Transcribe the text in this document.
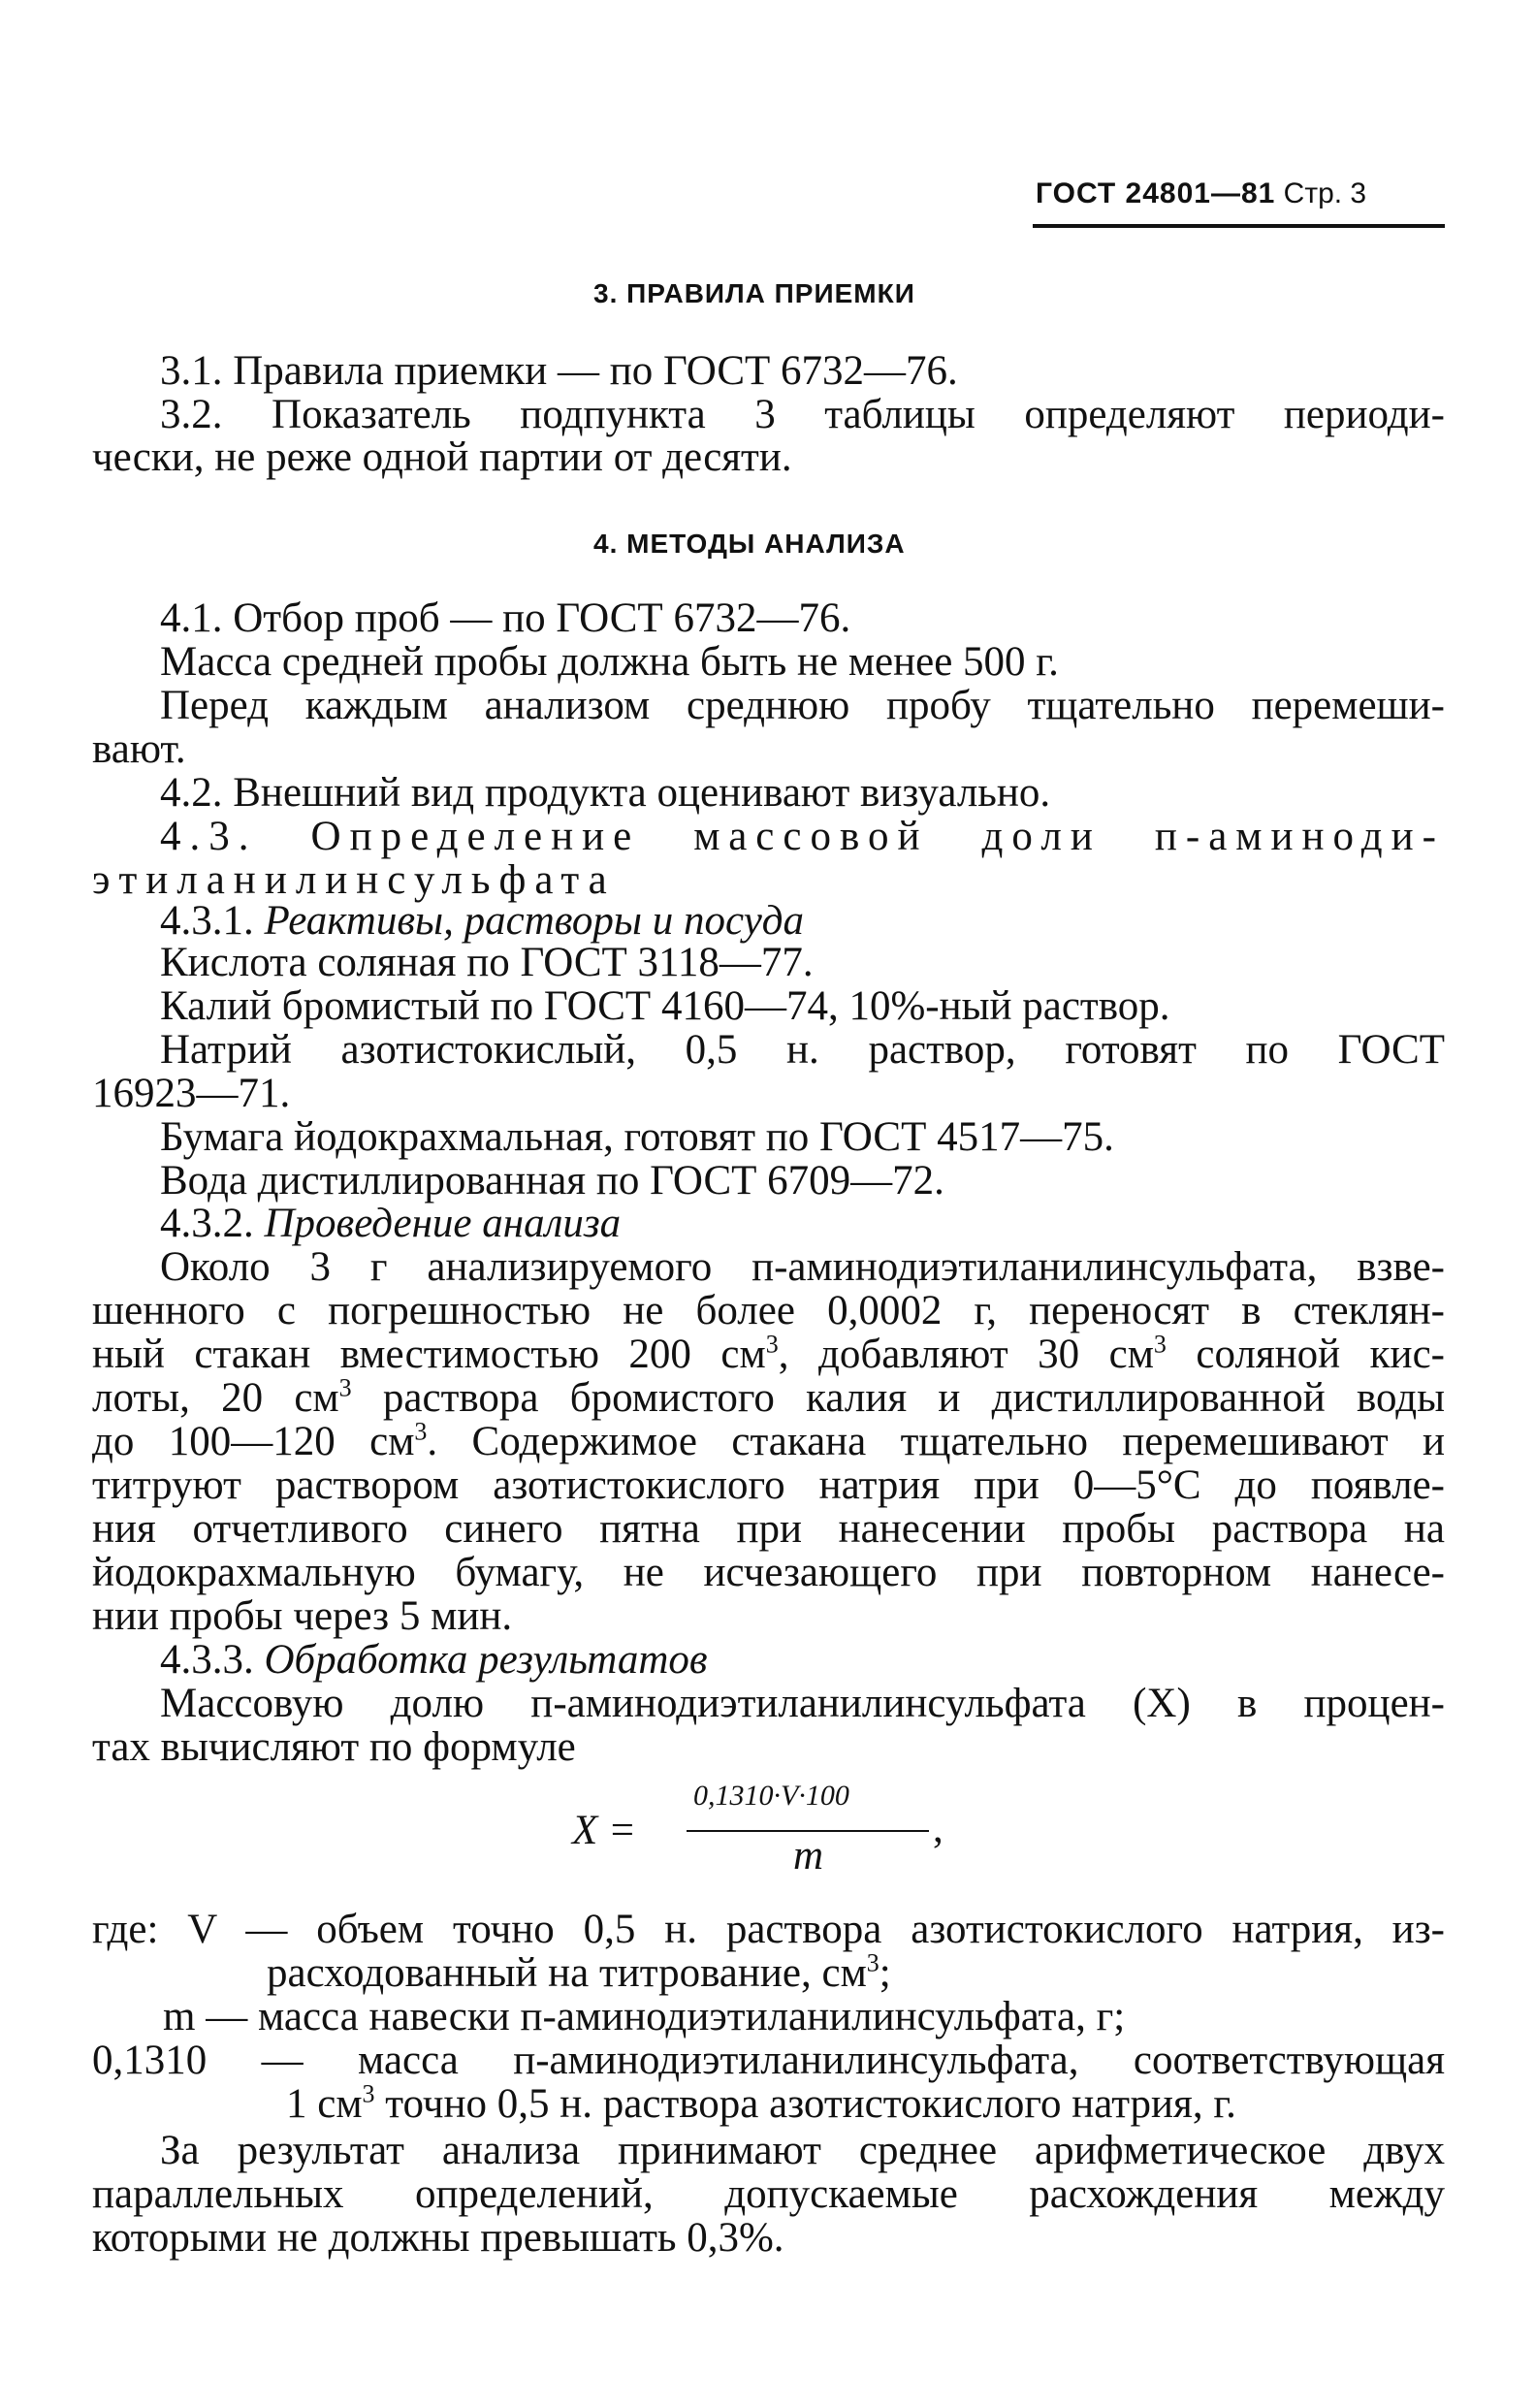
ГОСТ 24801—81 Стр. 3
3. ПРАВИЛА ПРИЕМКИ
3.1. Правила приемки — по ГОСТ 6732—76.
3.2. Показатель подпункта 3 таблицы определяют периоди-
чески, не реже одной партии от десяти.
4. МЕТОДЫ АНАЛИЗА
4.1. Отбор проб — по ГОСТ 6732—76.
Масса средней пробы должна быть не менее 500 г.
Перед каждым анализом среднюю пробу тщательно перемеши-
вают.
4.2. Внешний вид продукта оценивают визуально.
4.3. Определение массовой доли п-аминоди-
этиланилинсульфата
4.3.1. Реактивы, растворы и посуда
Кислота соляная по ГОСТ 3118—77.
Калий бромистый по ГОСТ 4160—74, 10%-ный раствор.
Натрий азотистокислый, 0,5 н. раствор, готовят по ГОСТ
16923—71.
Бумага йодокрахмальная, готовят по ГОСТ 4517—75.
Вода дистиллированная по ГОСТ 6709—72.
4.3.2. Проведение анализа
Около 3 г анализируемого п-аминодиэтиланилинсульфата, взве-
шенного с погрешностью не более 0,0002 г, переносят в стеклян-
ный стакан вместимостью 200 $см^3$, добавляют 30 $см^3$ соляной кис-
лоты, 20 $см^3$ раствора бромистого калия и дистиллированной воды
до 100—120 $см^3$. Содержимое стакана тщательно перемешивают и
титруют раствором азотистокислого натрия при 0—5°С до появле-
ния отчетливого синего пятна при нанесении пробы раствора на
йодокрахмальную бумагу, не исчезающего при повторном нанесе-
нии пробы через 5 мин.
4.3.3. Обработка результатов
Массовую долю п-аминодиэтиланилинсульфата (X) в процен-
тах вычисляют по формуле
X =
0,1310·V·100
m
,
где: V — объем точно 0,5 н. раствора азотистокислого натрия, из-
расходованный на титрование, $см^3$;
m — масса навески п-аминодиэтиланилинсульфата, г;
0,1310 — масса п-аминодиэтиланилинсульфата, соответствующая
1 $см^3$ точно 0,5 н. раствора азотистокислого натрия, г.
За результат анализа принимают среднее арифметическое двух
параллельных определений, допускаемые расхождения между
которыми не должны превышать 0,3%.
